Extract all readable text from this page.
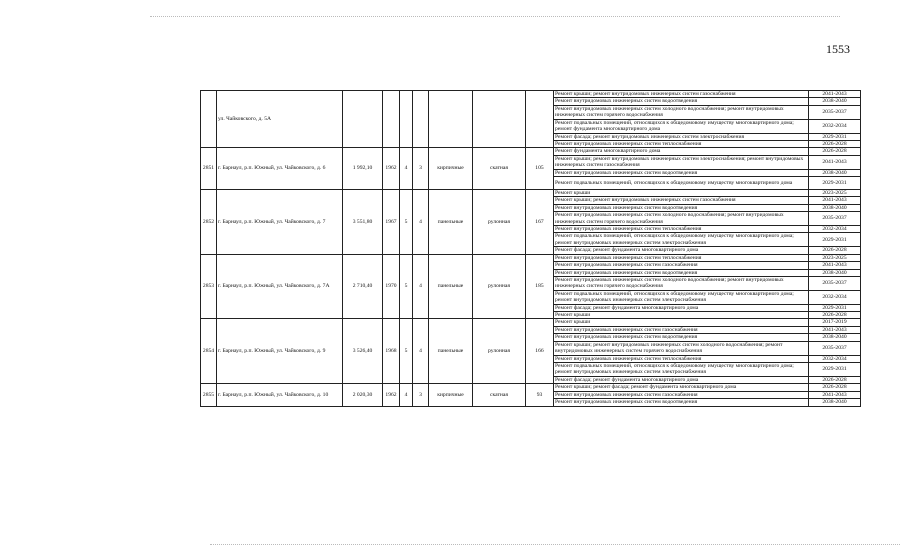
1553
	ул. Чайковского, д. 5А								Ремонт крыши; ремонт внутридомовых инженерных систем газоснабжения	2041-2043
									Ремонт внутридомовых инженерных систем водоотведения	2038-2040
									Ремонт внутридомовых инженерных систем холодного водоснабжения; ремонт внутридомовых инженерных систем горячего водоснабжения	2035-2037
									Ремонт подвальных помещений, относящихся к общедомовому имуществу многоквартирного дома; ремонт фундамента многоквартирного дома	2032-2034
									Ремонт фасада; ремонт внутридомовых инженерных систем электроснабжения	2029-2031
									Ремонт внутридомовых инженерных систем теплоснабжения	2026-2028
2851	г. Барнаул, р.п. Южный, ул. Чайковского, д. 6	1 992,10	1962	4	3	кирпичные	скатная	105	Ремонт фундамента многоквартирного дома	2026-2028
									Ремонт крыши; ремонт внутридомовых инженерных систем электроснабжения; ремонт внутридомовых инженерных систем газоснабжения	2041-2043
									Ремонт внутридомовых инженерных систем водоотведения	2038-2040
									Ремонт подвальных помещений, относящихся к общедомовому имуществу многоквартирного дома	2029-2031
2852	г. Барнаул, р.п. Южный, ул. Чайковского, д. 7	3 551,80	1967	5	4	панельные	рулонная	167	Ремонт крыши	2023-2025
									Ремонт крыши; ремонт внутридомовых инженерных систем газоснабжения	2041-2043
									Ремонт внутридомовых инженерных систем водоотведения	2038-2040
									Ремонт внутридомовых инженерных систем холодного водоснабжения; ремонт внутридомовых инженерных систем горячего водоснабжения	2035-2037
									Ремонт внутридомовых инженерных систем теплоснабжения	2032-2034
									Ремонт подвальных помещений, относящихся к общедомовому имуществу многоквартирного дома; ремонт внутридомовых инженерных систем электроснабжения	2029-2031
									Ремонт фасада; ремонт фундамента многоквартирного дома	2026-2028
2853	г. Барнаул, р.п. Южный, ул. Чайковского, д. 7А	2 710,40	1970	5	4	панельные	рулонная	185	Ремонт внутридомовых инженерных систем теплоснабжения	2023-2025
									Ремонт внутридомовых инженерных систем газоснабжения	2041-2043
									Ремонт внутридомовых инженерных систем водоотведения	2038-2040
									Ремонт внутридомовых инженерных систем холодного водоснабжения; ремонт внутридомовых инженерных систем горячего водоснабжения	2035-2037
									Ремонт подвальных помещений, относящихся к общедомовому имуществу многоквартирного дома; ремонт внутридомовых инженерных систем электроснабжения	2032-2034
									Ремонт фасада; ремонт фундамента многоквартирного дома	2029-2031
									Ремонт крыши	2026-2028
2854	г. Барнаул, р.п. Южный, ул. Чайковского, д. 9	3 526,40	1968	5	4	панельные	рулонная	166	Ремонт крыши	2017-2019
									Ремонт внутридомовых инженерных систем газоснабжения	2041-2043
									Ремонт внутридомовых инженерных систем водоотведения	2038-2040
									Ремонт крыши; ремонт внутридомовых инженерных систем холодного водоснабжения; ремонт внутридомовых инженерных систем горячего водоснабжения	2035-2037
									Ремонт внутридомовых инженерных систем теплоснабжения	2032-2034
									Ремонт подвальных помещений, относящихся к общедомовому имуществу многоквартирного дома; ремонт внутридомовых инженерных систем электроснабжения	2029-2031
									Ремонт фасада; ремонт фундамента многоквартирного дома	2026-2028
2855	г. Барнаул, р.п. Южный, ул. Чайковского, д. 10	2 020,30	1962	4	3	кирпичные	скатная	93	Ремонт крыши; ремонт фасада; ремонт фундамента многоквартирного дома	2026-2028
									Ремонт внутридомовых инженерных систем газоснабжения	2041-2043
									Ремонт внутридомовых инженерных систем водоотведения	2038-2040
